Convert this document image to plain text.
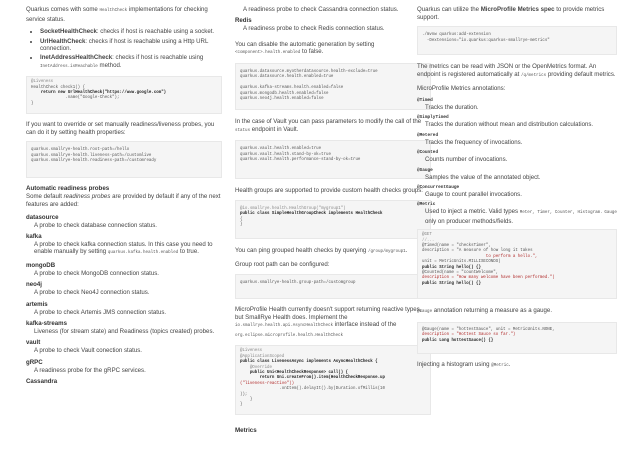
Quarkus comes with some HealthCheck implementations for checking service status.

• SocketHealthCheck: checks if host is reachable using a socket.
• UrlHealthCheck: checks if host is reachable using a Http URL connection.
• InetAddressHealthCheck: checks if host is reachable using InetAddress.isReachable method.
@Liveness
HealthCheck check1() {
return new UrlHealthCheck("https://www.google.com")
.name("Google-Check");
}

If you want to override or set manually readiness/liveness probes, you can do it by setting health properties:

quarkus.smallrye-health.root-path=/hello
quarkus.smallrye-health.liveness-path=/customlive
quarkus.smallrye-health.readiness-path=/customready
Automatic readiness probes

Some default readiness probes are provided by default if any of the next features are added:

datasource
A probe to check database connection status.
kafka
A probe to check kafka connection status. In this case you need to enable manually by setting quarkus.kafka.health.enabled to true.
mongoDB
A probe to check MongoDB connection status.
neo4j
A probe to check Neo4J connection status.
artemis
A probe to check Artemis JMS connection status.
kafka-streams
Liveness (for stream state) and Readiness (topics created) probes.
vault
A probe to check Vault conection status.
gRPC
A readiness probe for the gRPC services.
Cassandra
A readiness probe to check Cassandra connection status.
Redis
A readiness probe to check Redis connection status.

You can disable the automatic generation by setting <component>.health.enabled to false.

quarkus.datasource.myotherdatasource.health-exclude=true
quarkus.datasource.health.enabled=true

quarkus.kafka-streams.health.enabled=false
quarkus.mongodb.health.enabled=false
quarkus.neo4j.health.enabled=false

In the case of Vault you can pass parameters to modify the call of the status endpoint in Vault.

quarkus.vault.health.enabled=true
quarkus.vault.health.stand-by-ok=true
quarkus.vault.health.performance-stand-by-ok=true

Health groups are supported to provide custom health checks groups:

@io.smallrye.health.HealthGroup("mygroup1")
public class SimpleHealthGroupCheck implements HealthCheck
{
}

You can ping grouped health checks by querying /group/mygroup1.

Group root path can be configured:

quarkus.smallrye-health.group-path=/customgroup

MicroProfile Health currently doesn't support returning reactive types, but SmallRye Health does. Implement the io.smallrye.health.api.AsyncHealthCheck interface instead of the org.eclipse.microprofile.health.HealthCheck

@Liveness
@ApplicationScoped
public class LivenessAsync implements AsyncHealthCheck {
@Override
public Uni<HealthCheckResponse> call() {
return Uni.createFrom().item(HealthCheckResponse.up
("liveness-reactive"))
.onItem().delayIt().by(Duration.ofMillis(10
));
}
}
Metrics

Quarkus can utilize the MicroProfile Metrics spec to provide metrics support.

./mvnw quarkus:add-extension
-Dextensions="io.quarkus:quarkus-smallrye-metrics"

The metrics can be read with JSON or the OpenMetrics format. An endpoint is registered automatically at /q/metrics providing default metrics.

MicroProfile Metrics annotations:

@Timed
Tracks the duration.
@SimplyTimed
Tracks the duration without mean and distribution calculations.
@Metered
Tracks the frequency of invocations.
@Counted
Counts number of invocations.
@Gauge
Samples the value of the annotated object.
@ConcurrentGauge
Gauge to count parallel invocations.
@Metric
Used to inject a metric. Valid types Meter, Timer, Counter, Histogram. Gauge only on producer methods/fields.
@GET
//...
@Timed(name = "checksTimer",
description = "A measure of how long it takes
to perform a hello.",
unit = MetricUnits.MILLISECONDS)
public String hello() {}
@Counted(name = "countWelcome",
description = "How many welcome have been performed.")
public String hello() {}

@Gauge annotation returning a measure as a gauge.

@Gauge(name = "hottestSauce", unit = MetricUnits.NONE,
description = "Hottest Sauce so far.")
public Long hottestSauce() {}

Injecting a histogram using @Metric.
